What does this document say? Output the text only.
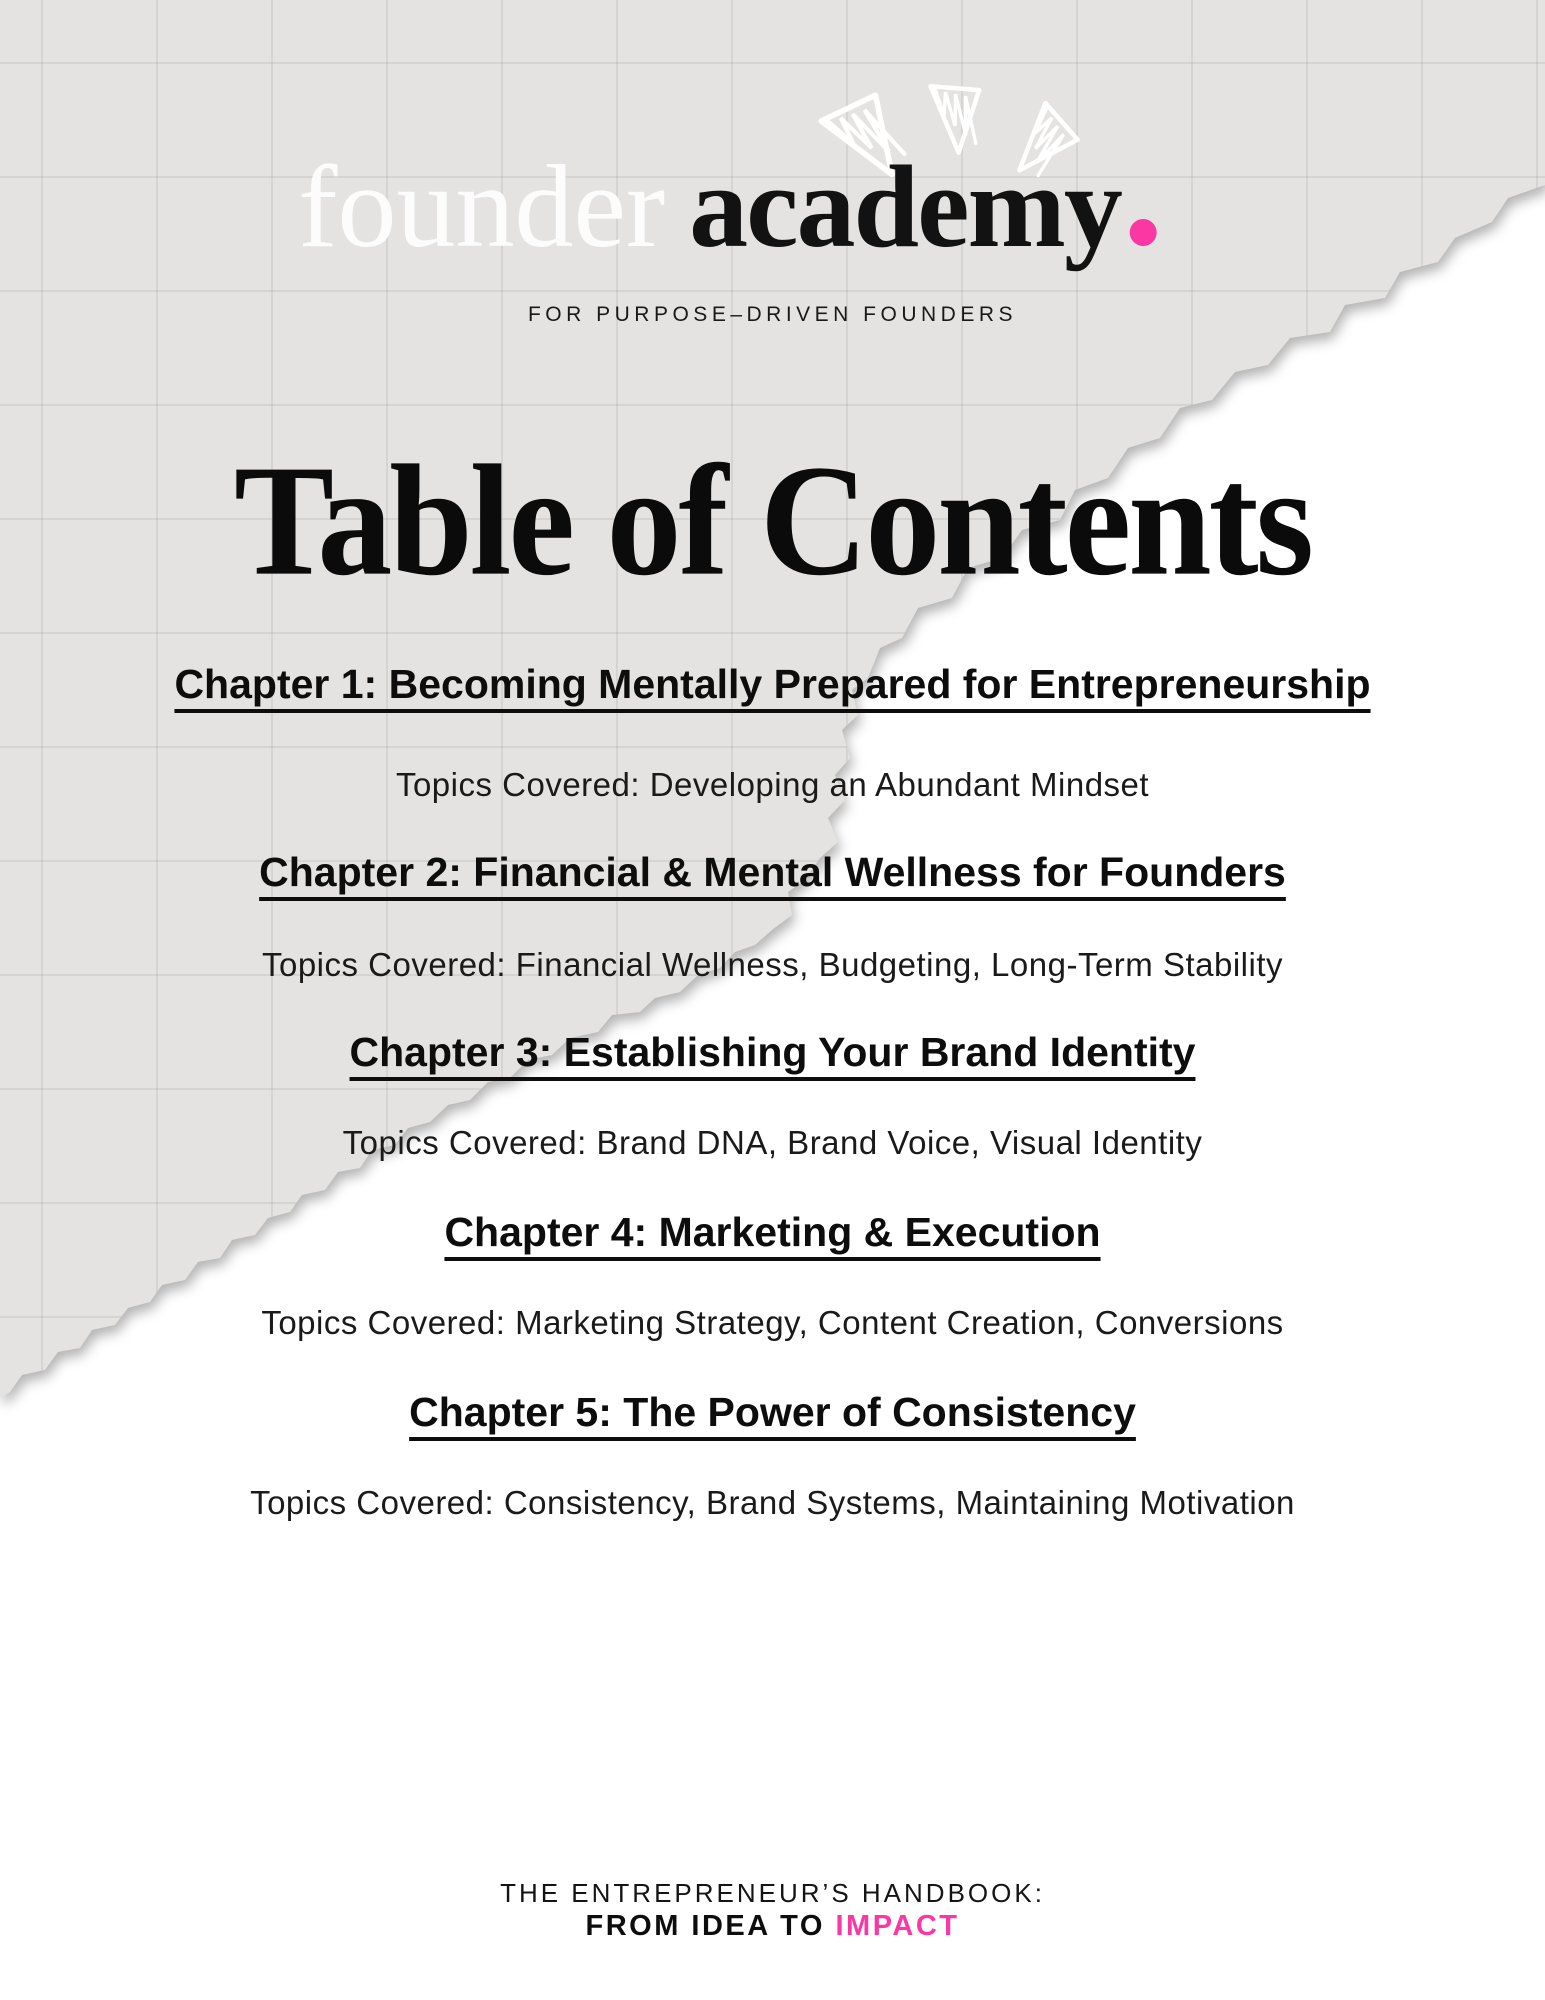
founder academy
FOR PURPOSE–DRIVEN FOUNDERS
Table of Contents
Chapter 1: Becoming Mentally Prepared for Entrepreneurship
Topics Covered: Developing an Abundant Mindset
Chapter 2: Financial & Mental Wellness for Founders
Topics Covered: Financial Wellness, Budgeting, Long-Term Stability
Chapter 3: Establishing Your Brand Identity
Topics Covered: Brand DNA, Brand Voice, Visual Identity
Chapter 4: Marketing & Execution
Topics Covered: Marketing Strategy, Content Creation, Conversions
Chapter 5: The Power of Consistency
Topics Covered: Consistency, Brand Systems, Maintaining Motivation
THE ENTREPRENEUR’S HANDBOOK:
FROM IDEA TO IMPACT
